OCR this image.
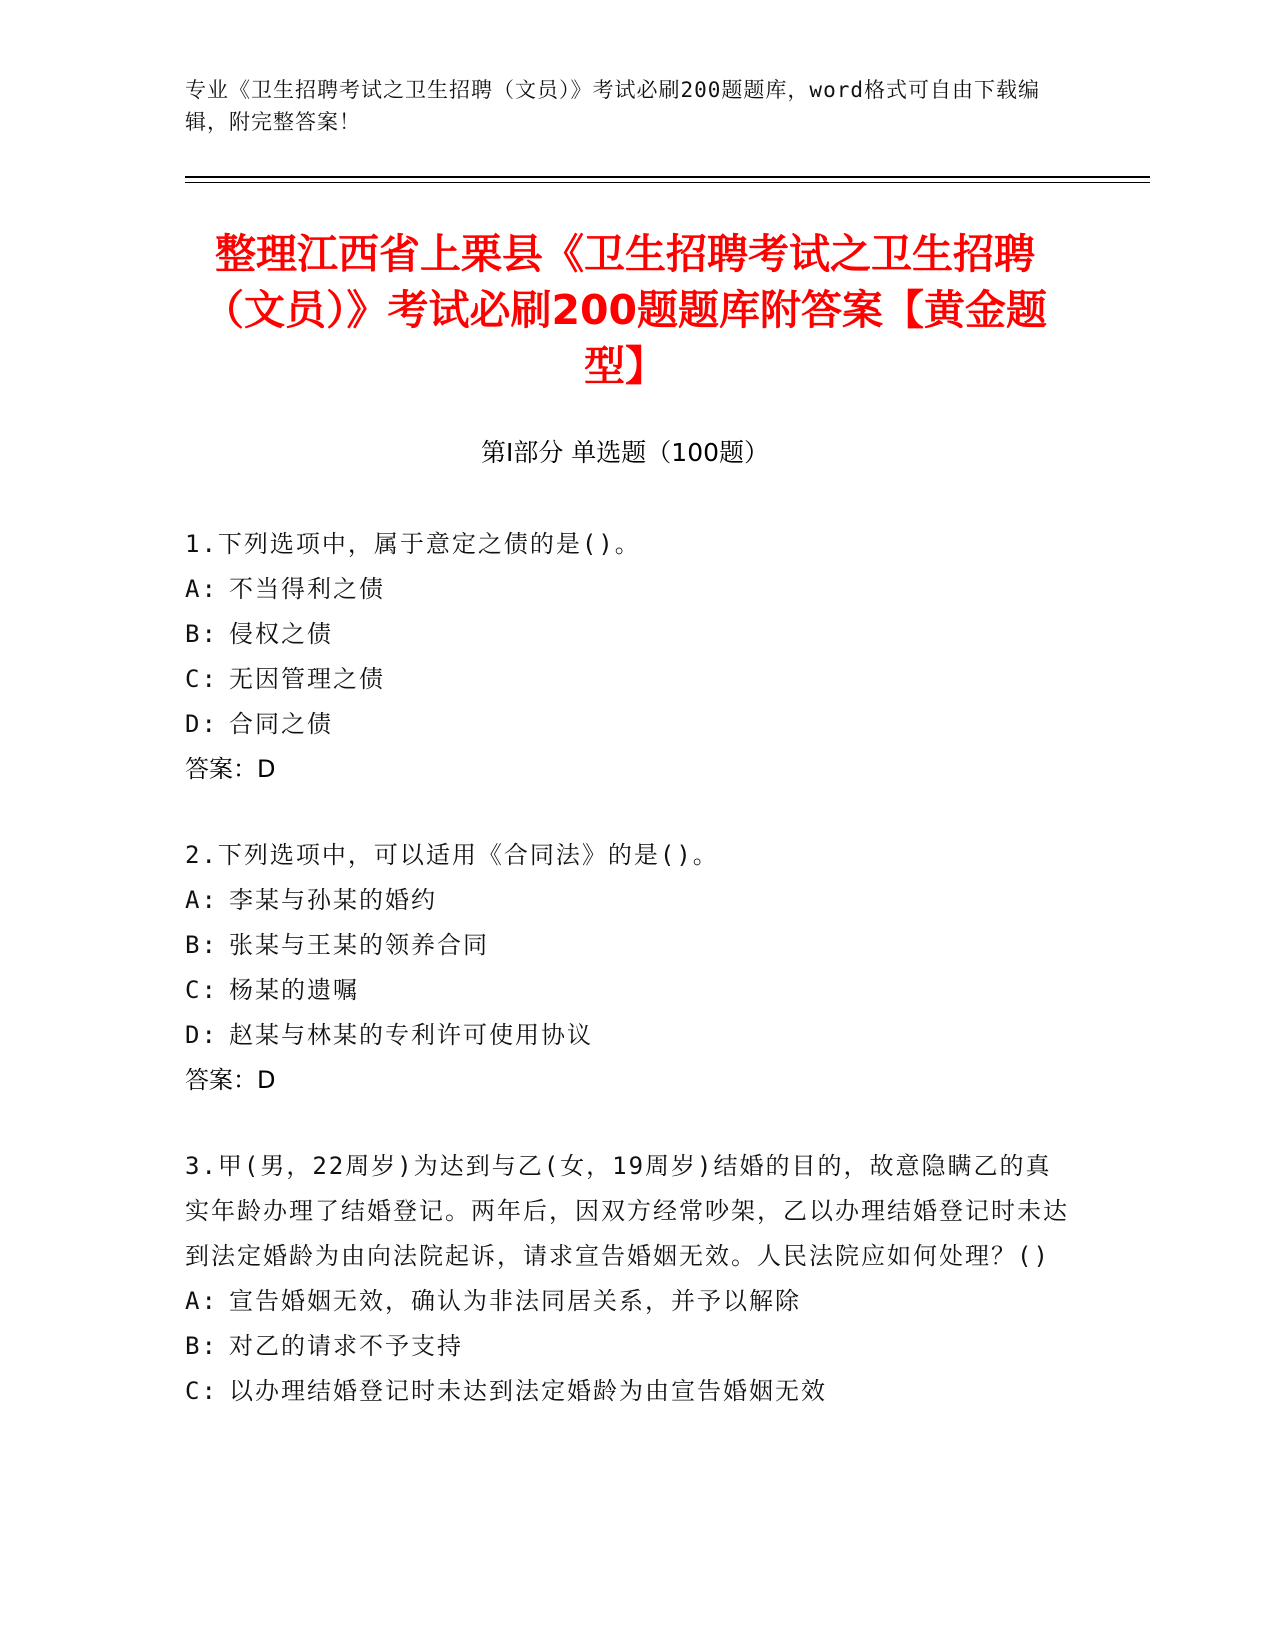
专业《卫生招聘考试之卫生招聘（文员）》考试必刷200题题库，word格式可自由下载编辑，附完整答案！
整理江西省上栗县《卫生招聘考试之卫生招聘（文员）》考试必刷200题题库附答案【黄金题型】
第Ⅰ部分 单选题（100题）
1.下列选项中，属于意定之债的是()。
A: 不当得利之债
B: 侵权之债
C: 无因管理之债
D: 合同之债
答案：D
2.下列选项中，可以适用《合同法》的是()。
A: 李某与孙某的婚约
B: 张某与王某的领养合同
C: 杨某的遗嘱
D: 赵某与林某的专利许可使用协议
答案：D
3.甲(男，22周岁)为达到与乙(女，19周岁)结婚的目的，故意隐瞒乙的真实年龄办理了结婚登记。两年后，因双方经常吵架，乙以办理结婚登记时未达到法定婚龄为由向法院起诉，请求宣告婚姻无效。人民法院应如何处理？()
A: 宣告婚姻无效，确认为非法同居关系，并予以解除
B: 对乙的请求不予支持
C: 以办理结婚登记时未达到法定婚龄为由宣告婚姻无效
